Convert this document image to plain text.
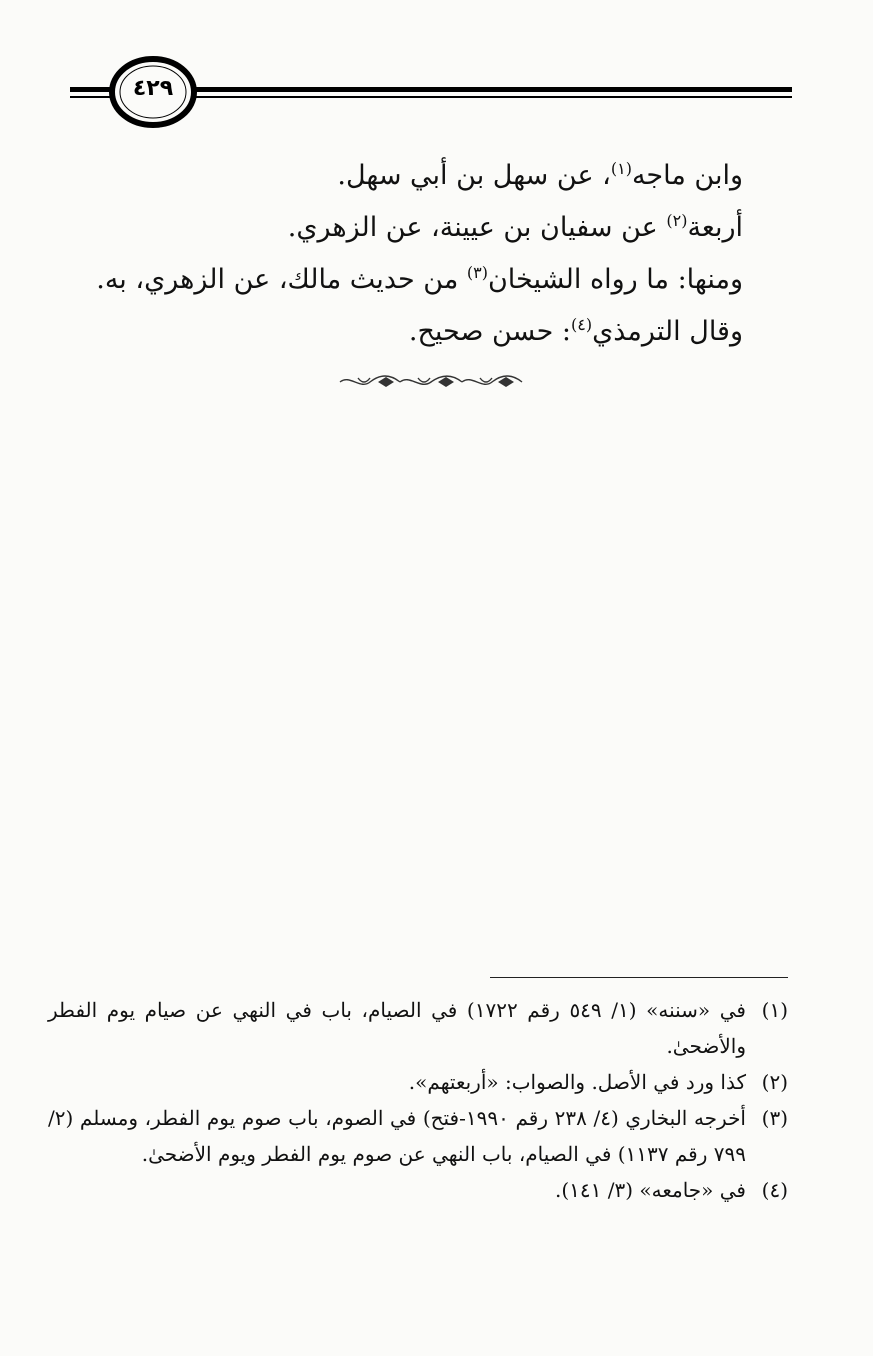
٤٢٩

وابن ماجه$^{(١)}$، عن سهل بن أبي سهل.

أربعة$^{(٢)}$ عن سفيان بن عيينة، عن الزهري.

ومنها: ما رواه الشيخان$^{(٣)}$ من حديث مالك، عن الزهري، به.

وقال الترمذي$^{(٤)}$: حسن صحيح.

(١)
في «سننه» (١/ ٥٤٩ رقم ١٧٢٢) في الصيام، باب في النهي عن صيام يوم الفطر والأضحىٰ.

(٢)
كذا ورد في الأصل. والصواب: «أربعتهم».

(٣)
أخرجه البخاري (٤/ ٢٣٨ رقم ١٩٩٠-فتح) في الصوم، باب صوم يوم الفطر، ومسلم (٢/ ٧٩٩ رقم ١١٣٧) في الصيام، باب النهي عن صوم يوم الفطر ويوم الأضحىٰ.

(٤)
في «جامعه» (٣/ ١٤١).
